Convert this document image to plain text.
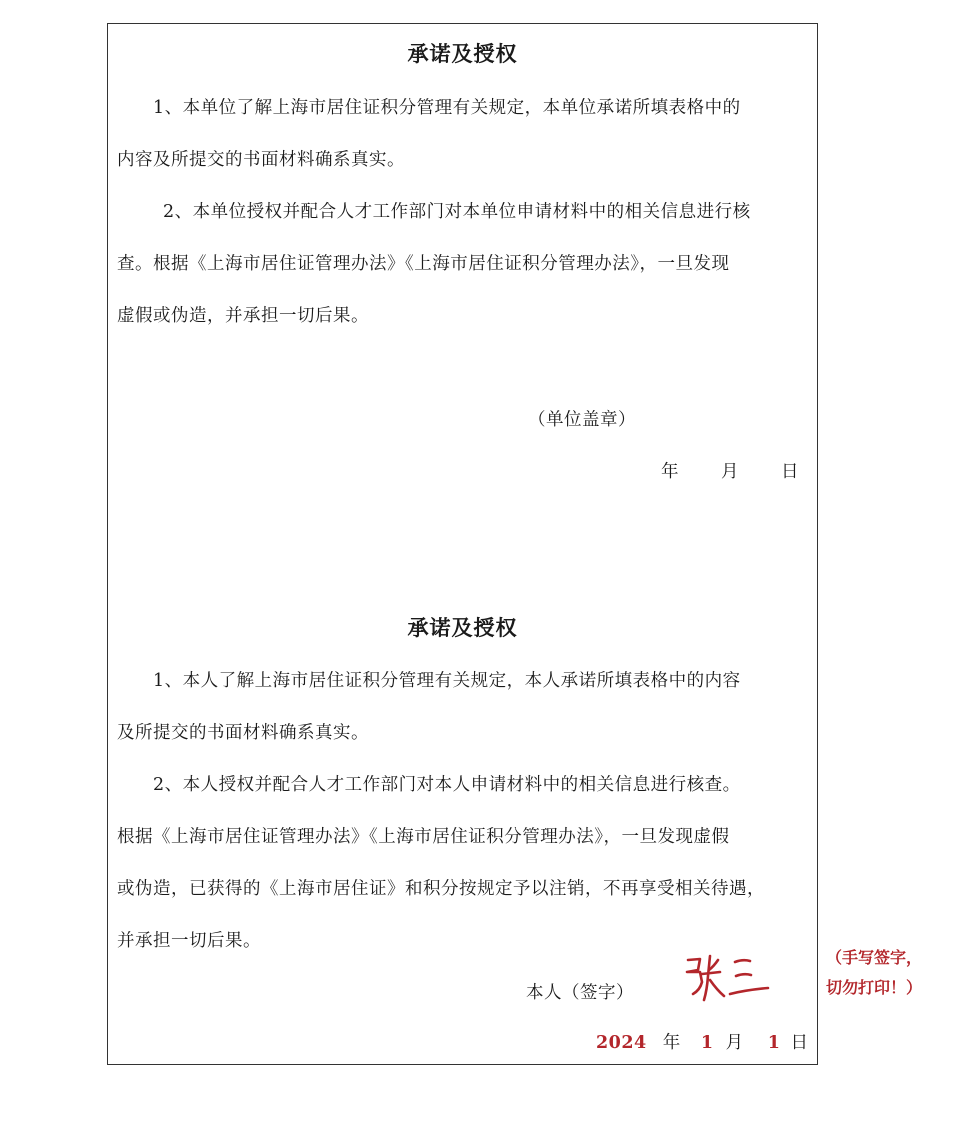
承诺及授权
1、本单位了解上海市居住证积分管理有关规定，本单位承诺所填表格中的
内容及所提交的书面材料确系真实。
2、本单位授权并配合人才工作部门对本单位申请材料中的相关信息进行核
查。根据《上海市居住证管理办法》《上海市居住证积分管理办法》，一旦发现
虚假或伪造，并承担一切后果。
（单位盖章）
年 月 日
承诺及授权
1、本人了解上海市居住证积分管理有关规定，本人承诺所填表格中的内容
及所提交的书面材料确系真实。
2、本人授权并配合人才工作部门对本人申请材料中的相关信息进行核查。
根据《上海市居住证管理办法》《上海市居住证积分管理办法》，一旦发现虚假
或伪造，已获得的《上海市居住证》和积分按规定予以注销，不再享受相关待遇，
并承担一切后果。
本人（签字）
2024 年 1 月 1 日
（手写签字，
切勿打印！）
